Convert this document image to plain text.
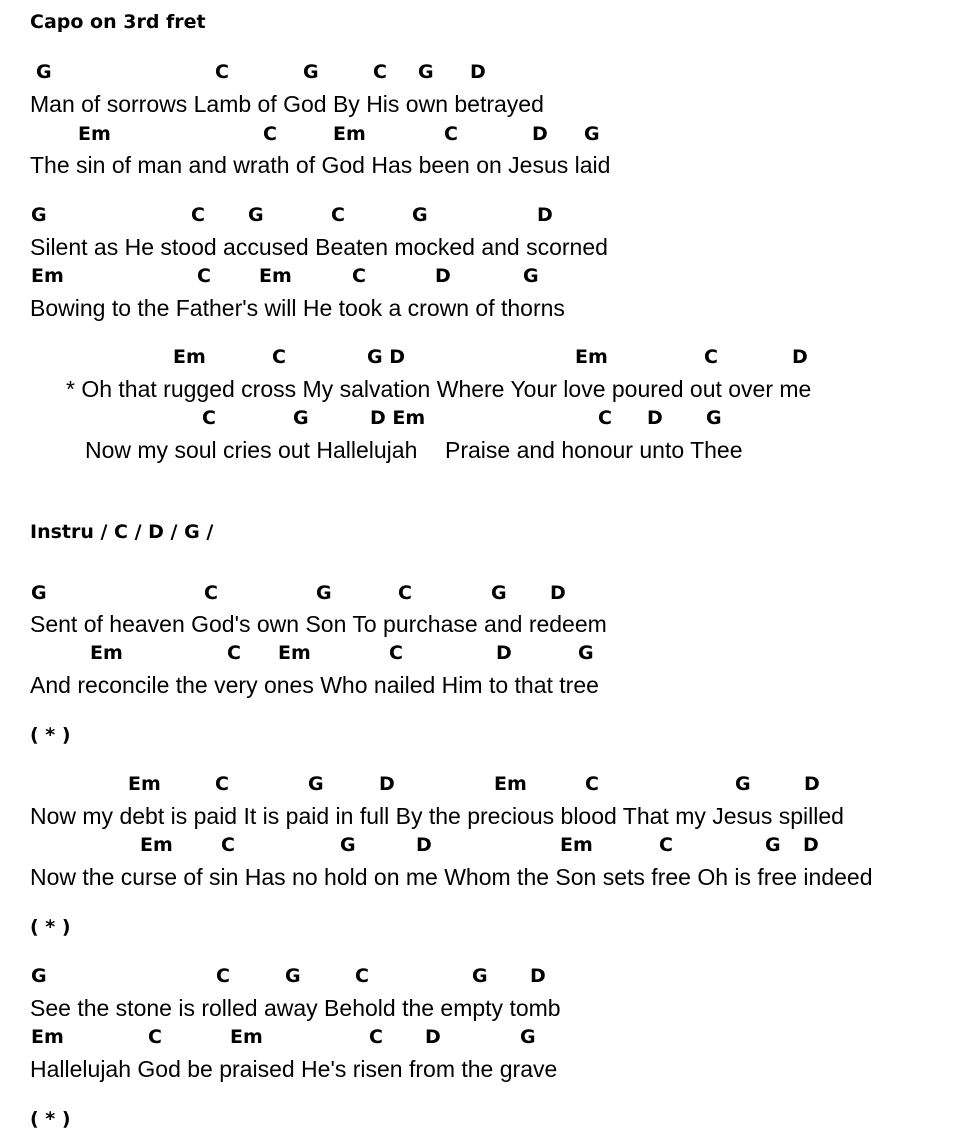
Capo on 3rd fret
G	C	G	C G D
Man of sorrows Lamb of God By His own betrayed
Em	C	Em	C	D G
The sin of man and wrath of God Has been on Jesus laid
G	C G	C	G	D
Silent as He stood accused Beaten mocked and scorned
Em	C	Em	C	D	G
Bowing to the Father's will He took a crown of thorns
Em	C	G D	Em	C	D
* Oh that rugged cross My salvation Where Your love poured out over me
C	G	D Em	C D G
Now my soul cries out Hallelujah Praise and honour unto Thee
Instru / C / D / G /
G	C	G	C	G D
Sent of heaven God's own Son To purchase and redeem
Em	C Em	C	D	G
And reconcile the very ones Who nailed Him to that tree
( * )
Em	C	G	D	Em	C	G	D
Now my debt is paid It is paid in full By the precious blood That my Jesus spilled
Em	C	G	D	Em	C	G D
Now the curse of sin Has no hold on me Whom the Son sets free Oh is free indeed
( * )
G	C	G	C	G D
See the stone is rolled away Behold the empty tomb
Em	C	Em	C D	G
Hallelujah God be praised He's risen from the grave
( * )
